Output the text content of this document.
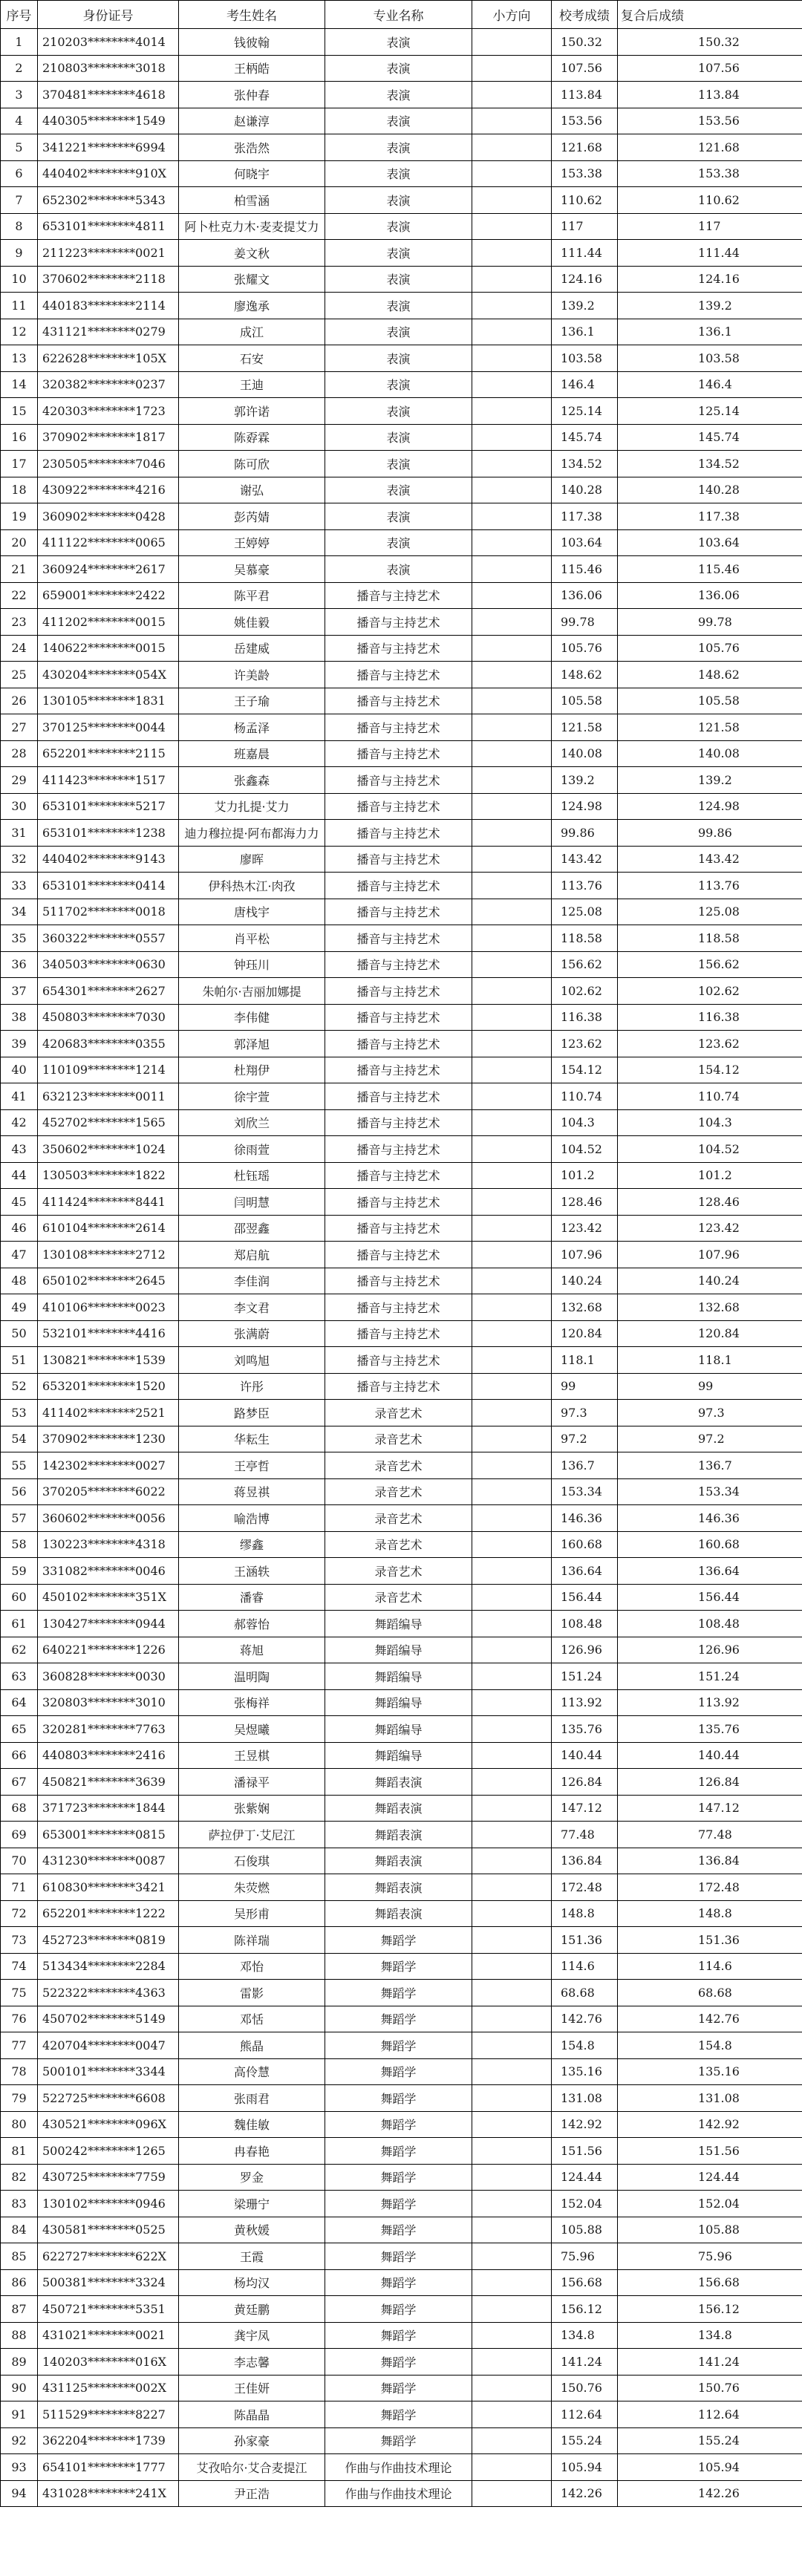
序号	身份证号	考生姓名	专业名称	小方向	校考成绩	复合后成绩
1	210203********4014	钱彼翰	表演		150.32	150.32
2	210803********3018	王柄皓	表演		107.56	107.56
3	370481********4618	张仲春	表演		113.84	113.84
4	440305********1549	赵谦淳	表演		153.56	153.56
5	341221********6994	张浩然	表演		121.68	121.68
6	440402********910X	何晓宇	表演		153.38	153.38
7	652302********5343	柏雪涵	表演		110.62	110.62
8	653101********4811	阿卜杜克力木·麦麦提艾力	表演		117	117
9	211223********0021	姜文秋	表演		111.44	111.44
10	370602********2118	张耀文	表演		124.16	124.16
11	440183********2114	廖逸承	表演		139.2	139.2
12	431121********0279	成江	表演		136.1	136.1
13	622628********105X	石安	表演		103.58	103.58
14	320382********0237	王迪	表演		146.4	146.4
15	420303********1723	郭许诺	表演		125.14	125.14
16	370902********1817	陈孬霖	表演		145.74	145.74
17	230505********7046	陈可欣	表演		134.52	134.52
18	430922********4216	谢弘	表演		140.28	140.28
19	360902********0428	彭芮婧	表演		117.38	117.38
20	411122********0065	王婷婷	表演		103.64	103.64
21	360924********2617	吴慕豪	表演		115.46	115.46
22	659001********2422	陈平君	播音与主持艺术		136.06	136.06
23	411202********0015	姚佳毅	播音与主持艺术		99.78	99.78
24	140622********0015	岳建威	播音与主持艺术		105.76	105.76
25	430204********054X	许美龄	播音与主持艺术		148.62	148.62
26	130105********1831	王子瑜	播音与主持艺术		105.58	105.58
27	370125********0044	杨孟泽	播音与主持艺术		121.58	121.58
28	652201********2115	班嘉晨	播音与主持艺术		140.08	140.08
29	411423********1517	张鑫森	播音与主持艺术		139.2	139.2
30	653101********5217	艾力扎提·艾力	播音与主持艺术		124.98	124.98
31	653101********1238	迪力穆拉提·阿布都海力力	播音与主持艺术		99.86	99.86
32	440402********9143	廖晖	播音与主持艺术		143.42	143.42
33	653101********0414	伊科热木江·肉孜	播音与主持艺术		113.76	113.76
34	511702********0018	唐栈宇	播音与主持艺术		125.08	125.08
35	360322********0557	肖平松	播音与主持艺术		118.58	118.58
36	340503********0630	钟珏川	播音与主持艺术		156.62	156.62
37	654301********2627	朱帕尔·吉丽加娜提	播音与主持艺术		102.62	102.62
38	450803********7030	李伟健	播音与主持艺术		116.38	116.38
39	420683********0355	郭泽旭	播音与主持艺术		123.62	123.62
40	110109********1214	杜翔伊	播音与主持艺术		154.12	154.12
41	632123********0011	徐宇萱	播音与主持艺术		110.74	110.74
42	452702********1565	刘欣兰	播音与主持艺术		104.3	104.3
43	350602********1024	徐雨萱	播音与主持艺术		104.52	104.52
44	130503********1822	杜钰瑶	播音与主持艺术		101.2	101.2
45	411424********8441	闫明慧	播音与主持艺术		128.46	128.46
46	610104********2614	邵翌鑫	播音与主持艺术		123.42	123.42
47	130108********2712	郑启航	播音与主持艺术		107.96	107.96
48	650102********2645	李佳润	播音与主持艺术		140.24	140.24
49	410106********0023	李文君	播音与主持艺术		132.68	132.68
50	532101********4416	张满蔚	播音与主持艺术		120.84	120.84
51	130821********1539	刘鸣旭	播音与主持艺术		118.1	118.1
52	653201********1520	许彤	播音与主持艺术		99	99
53	411402********2521	路梦臣	录音艺术		97.3	97.3
54	370902********1230	华耘生	录音艺术		97.2	97.2
55	142302********0027	王亭哲	录音艺术		136.7	136.7
56	370205********6022	蒋昱祺	录音艺术		153.34	153.34
57	360602********0056	喻浩博	录音艺术		146.36	146.36
58	130223********4318	缪鑫	录音艺术		160.68	160.68
59	331082********0046	王涵轶	录音艺术		136.64	136.64
60	450102********351X	潘睿	录音艺术		156.44	156.44
61	130427********0944	郝蓉怡	舞蹈编导		108.48	108.48
62	640221********1226	蒋旭	舞蹈编导		126.96	126.96
63	360828********0030	温明陶	舞蹈编导		151.24	151.24
64	320803********3010	张梅祥	舞蹈编导		113.92	113.92
65	320281********7763	吴煜曦	舞蹈编导		135.76	135.76
66	440803********2416	王昱棋	舞蹈编导		140.44	140.44
67	450821********3639	潘禄平	舞蹈表演		126.84	126.84
68	371723********1844	张紫娴	舞蹈表演		147.12	147.12
69	653001********0815	萨拉伊丁·艾尼江	舞蹈表演		77.48	77.48
70	431230********0087	石俊琪	舞蹈表演		136.84	136.84
71	610830********3421	朱荧燃	舞蹈表演		172.48	172.48
72	652201********1222	吴形甫	舞蹈表演		148.8	148.8
73	452723********0819	陈祥瑞	舞蹈学		151.36	151.36
74	513434********2284	邓怡	舞蹈学		114.6	114.6
75	522322********4363	雷影	舞蹈学		68.68	68.68
76	450702********5149	邓恬	舞蹈学		142.76	142.76
77	420704********0047	熊晶	舞蹈学		154.8	154.8
78	500101********3344	高伶慧	舞蹈学		135.16	135.16
79	522725********6608	张雨君	舞蹈学		131.08	131.08
80	430521********096X	魏佳敏	舞蹈学		142.92	142.92
81	500242********1265	冉春艳	舞蹈学		151.56	151.56
82	430725********7759	罗金	舞蹈学		124.44	124.44
83	130102********0946	梁珊宁	舞蹈学		152.04	152.04
84	430581********0525	黄秋媛	舞蹈学		105.88	105.88
85	622727********622X	王霞	舞蹈学		75.96	75.96
86	500381********3324	杨均汉	舞蹈学		156.68	156.68
87	450721********5351	黄廷鹏	舞蹈学		156.12	156.12
88	431021********0021	龚宇凤	舞蹈学		134.8	134.8
89	140203********016X	李志馨	舞蹈学		141.24	141.24
90	431125********002X	王佳妍	舞蹈学		150.76	150.76
91	511529********8227	陈晶晶	舞蹈学		112.64	112.64
92	362204********1739	孙家豪	舞蹈学		155.24	155.24
93	654101********1777	艾孜哈尔·艾合麦提江	作曲与作曲技术理论		105.94	105.94
94	431028********241X	尹正浩	作曲与作曲技术理论		142.26	142.26
